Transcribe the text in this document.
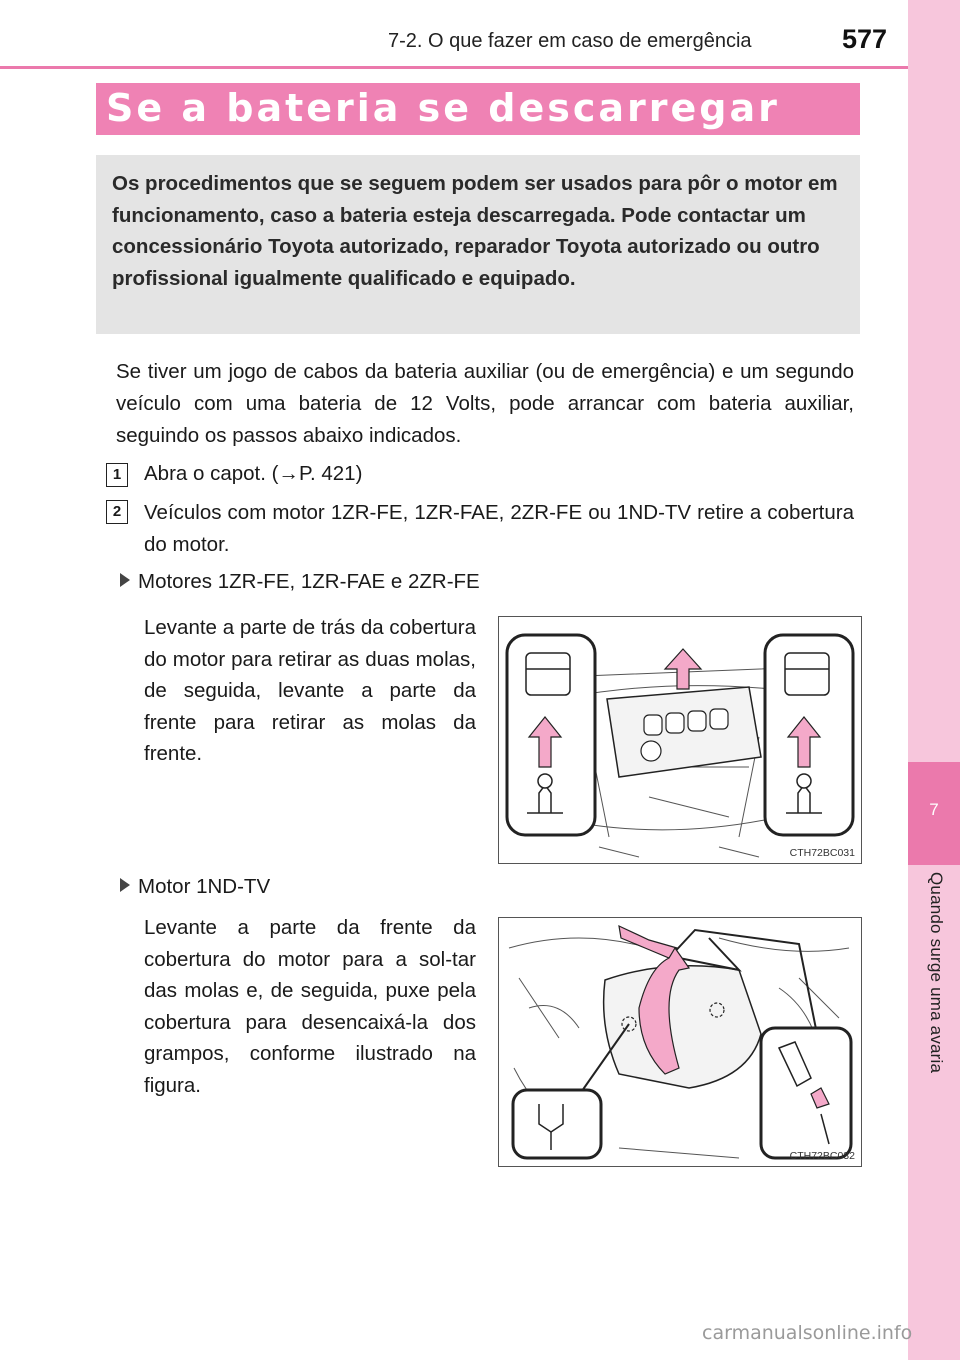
7
Quando surge uma avaria
7-2. O que fazer em caso de emergência	577
Se a bateria se descarregar
Os procedimentos que se seguem podem ser usados para pôr o motor em funcionamento, caso a bateria esteja descarregada. Pode contactar um concessionário Toyota autorizado, reparador Toyota autorizado ou outro profissional igualmente qualificado e equipado.
Se tiver um jogo de cabos da bateria auxiliar (ou de emergência) e um segundo veículo com uma bateria de 12 Volts, pode arrancar com bateria auxiliar, seguindo os passos abaixo indicados.
1	Abra o capot. (→P. 421)
2	Veículos com motor 1ZR-FE, 1ZR-FAE, 2ZR-FE ou 1ND-TV retire a cobertura do motor.
Motores 1ZR-FE, 1ZR-FAE e 2ZR-FE
Levante a parte de trás da cobertura do motor para retirar as duas molas, de seguida, levante a parte da frente para retirar as molas da frente.
CTH72BC031
Motor 1ND-TV
Levante a parte da frente da cobertura do motor para a sol-tar das molas e, de seguida, puxe pela cobertura para desencaixá-la dos grampos, conforme ilustrado na figura.
CTH72BC032
carmanualsonline.info
